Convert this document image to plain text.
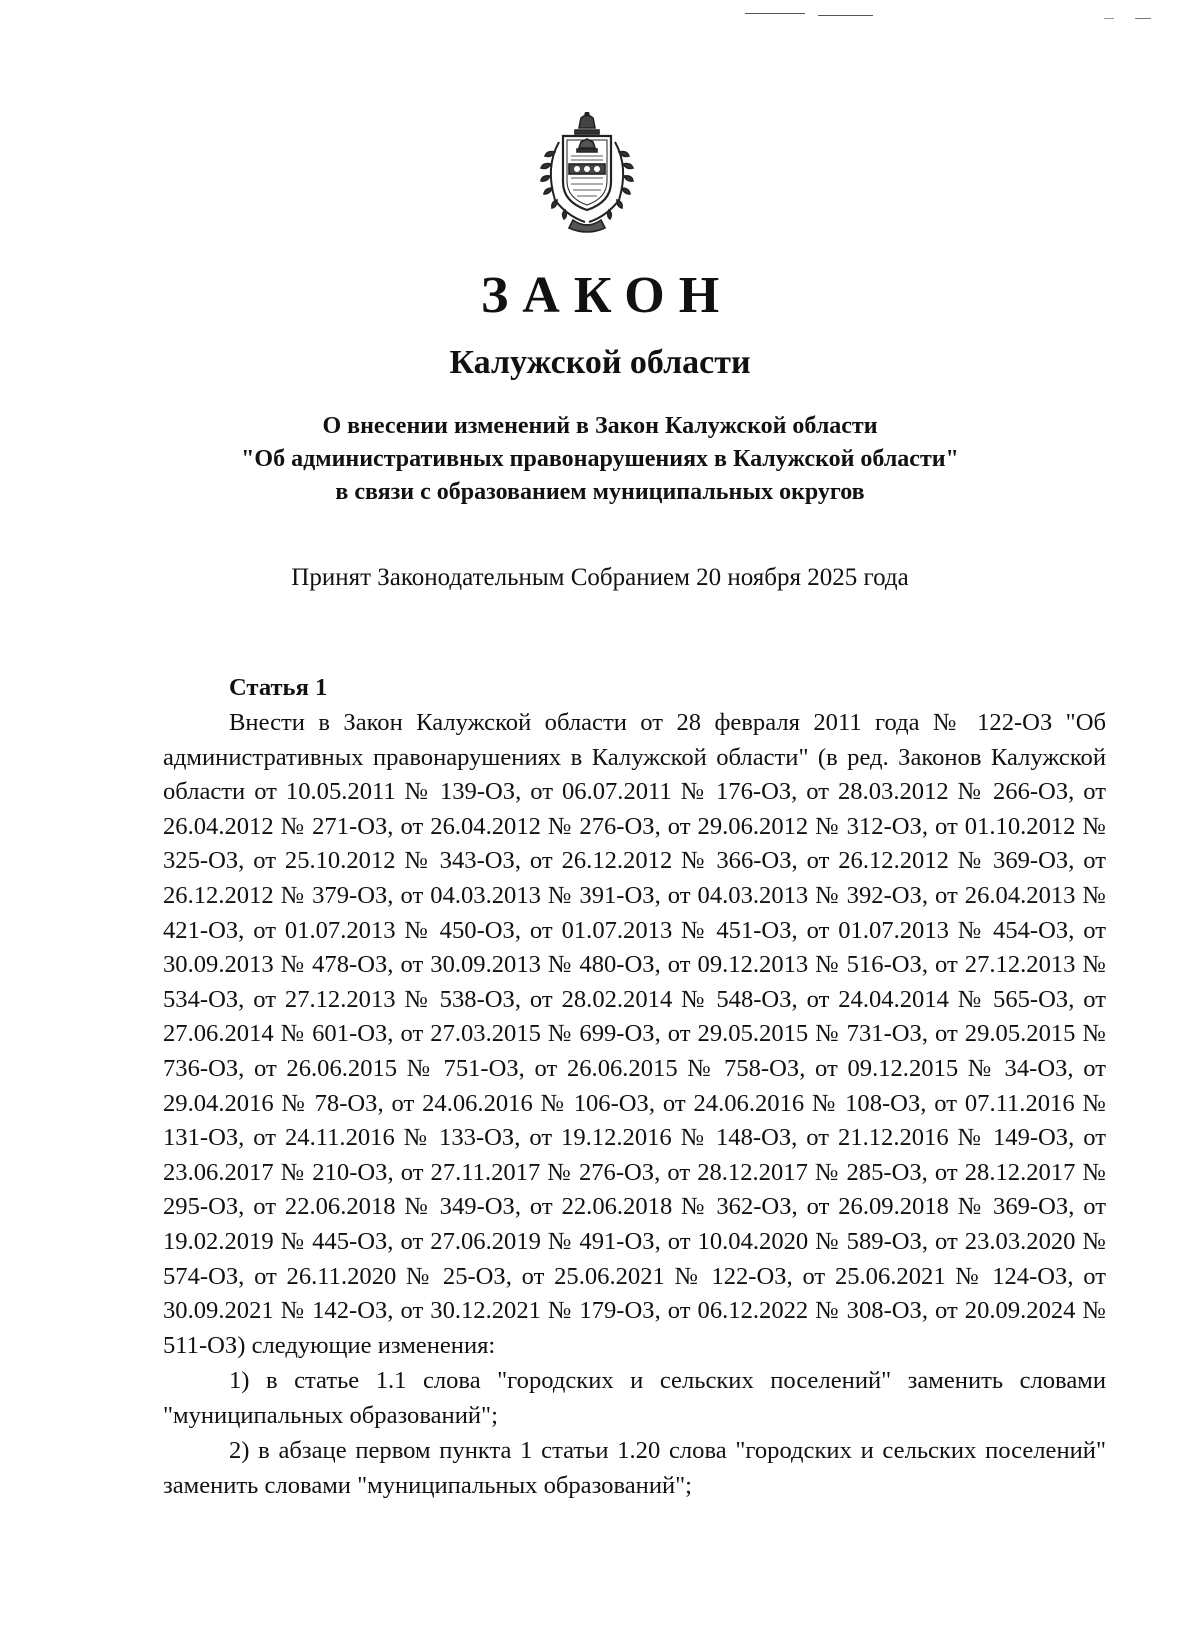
ЗАКОН
Калужской области
О внесении изменений в Закон Калужской области
"Об административных правонарушениях в Калужской области"
в связи с образованием муниципальных округов
Принят Законодательным Собранием 20 ноября 2025 года
Статья 1

Внести в Закон Калужской области от 28 февраля 2011 года № 122-ОЗ "Об административных правонарушениях в Калужской области" (в ред. Законов Калужской области от 10.05.2011 № 139-ОЗ, от 06.07.2011 № 176-ОЗ, от 28.03.2012 № 266-ОЗ, от 26.04.2012 № 271-ОЗ, от 26.04.2012 № 276-ОЗ, от 29.06.2012 № 312-ОЗ, от 01.10.2012 № 325-ОЗ, от 25.10.2012 № 343-ОЗ, от 26.12.2012 № 366-ОЗ, от 26.12.2012 № 369-ОЗ, от 26.12.2012 № 379-ОЗ, от 04.03.2013 № 391-ОЗ, от 04.03.2013 № 392-ОЗ, от 26.04.2013 № 421-ОЗ, от 01.07.2013 № 450-ОЗ, от 01.07.2013 № 451-ОЗ, от 01.07.2013 № 454-ОЗ, от 30.09.2013 № 478-ОЗ, от 30.09.2013 № 480-ОЗ, от 09.12.2013 № 516-ОЗ, от 27.12.2013 № 534-ОЗ, от 27.12.2013 № 538-ОЗ, от 28.02.2014 № 548-ОЗ, от 24.04.2014 № 565-ОЗ, от 27.06.2014 № 601-ОЗ, от 27.03.2015 № 699-ОЗ, от 29.05.2015 № 731-ОЗ, от 29.05.2015 № 736-ОЗ, от 26.06.2015 № 751-ОЗ, от 26.06.2015 № 758-ОЗ, от 09.12.2015 № 34-ОЗ, от 29.04.2016 № 78-ОЗ, от 24.06.2016 № 106-ОЗ, от 24.06.2016 № 108-ОЗ, от 07.11.2016 № 131-ОЗ, от 24.11.2016 № 133-ОЗ, от 19.12.2016 № 148-ОЗ, от 21.12.2016 № 149-ОЗ, от 23.06.2017 № 210-ОЗ, от 27.11.2017 № 276-ОЗ, от 28.12.2017 № 285-ОЗ, от 28.12.2017 № 295-ОЗ, от 22.06.2018 № 349-ОЗ, от 22.06.2018 № 362-ОЗ, от 26.09.2018 № 369-ОЗ, от 19.02.2019 № 445-ОЗ, от 27.06.2019 № 491-ОЗ, от 10.04.2020 № 589-ОЗ, от 23.03.2020 № 574-ОЗ, от 26.11.2020 № 25-ОЗ, от 25.06.2021 № 122-ОЗ, от 25.06.2021 № 124-ОЗ, от 30.09.2021 № 142-ОЗ, от 30.12.2021 № 179-ОЗ, от 06.12.2022 № 308-ОЗ, от 20.09.2024 № 511-ОЗ) следующие изменения:

1) в статье 1.1 слова "городских и сельских поселений" заменить словами "муниципальных образований";

2) в абзаце первом пункта 1 статьи 1.20 слова "городских и сельских поселений" заменить словами "муниципальных образований";
